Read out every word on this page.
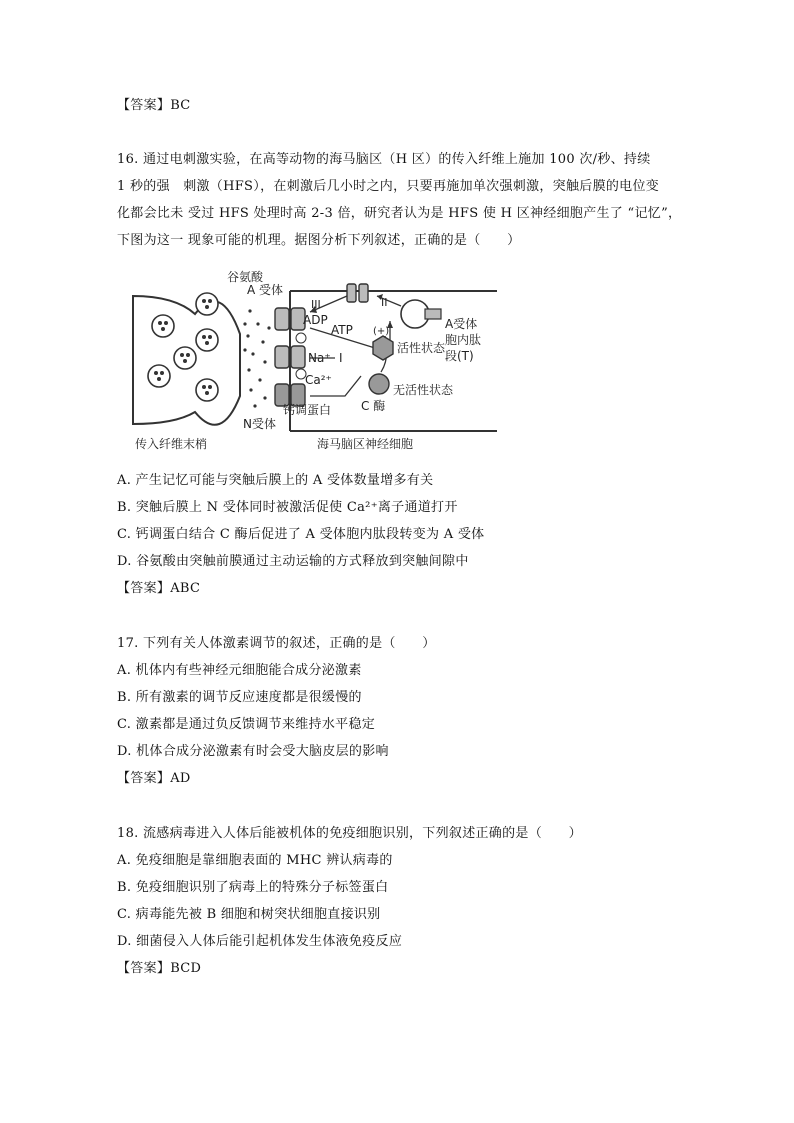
【答案】BC
16. 通过电刺激实验，在高等动物的海马脑区（H 区）的传入纤维上施加 100 次/秒、持续
1 秒的强　刺激（HFS），在刺激后几小时之内，只要再施加单次强刺激，突触后膜的电位变
化都会比未 受过 HFS 处理时高 2-3 倍，研究者认为是 HFS 使 H 区神经细胞产生了 “记忆”，
下图为这一 现象可能的机理。据图分析下列叙述，正确的是（　　）
谷氨酸
A 受体
III	II
A受体
胞内肽
段(T)
ADP
ATP (+)
活性状态
Na⁺ I
Ca²⁺
无活性状态
钙调蛋白 C 酶
N受体
传入纤维末梢	海马脑区神经细胞
A. 产生记忆可能与突触后膜上的 A 受体数量增多有关
B. 突触后膜上 N 受体同时被激活促使 Ca²⁺离子通道打开
C. 钙调蛋白结合 C 酶后促进了 A 受体胞内肽段转变为 A 受体
D. 谷氨酸由突触前膜通过主动运输的方式释放到突触间隙中
【答案】ABC
17. 下列有关人体激素调节的叙述，正确的是（　　）
A. 机体内有些神经元细胞能合成分泌激素
B. 所有激素的调节反应速度都是很缓慢的
C. 激素都是通过负反馈调节来维持水平稳定
D. 机体合成分泌激素有时会受大脑皮层的影响
【答案】AD
18. 流感病毒进入人体后能被机体的免疫细胞识别，下列叙述正确的是（　　）
A. 免疫细胞是靠细胞表面的 MHC 辨认病毒的
B. 免疫细胞识别了病毒上的特殊分子标签蛋白
C. 病毒能先被 B 细胞和树突状细胞直接识别
D. 细菌侵入人体后能引起机体发生体液免疫反应
【答案】BCD
